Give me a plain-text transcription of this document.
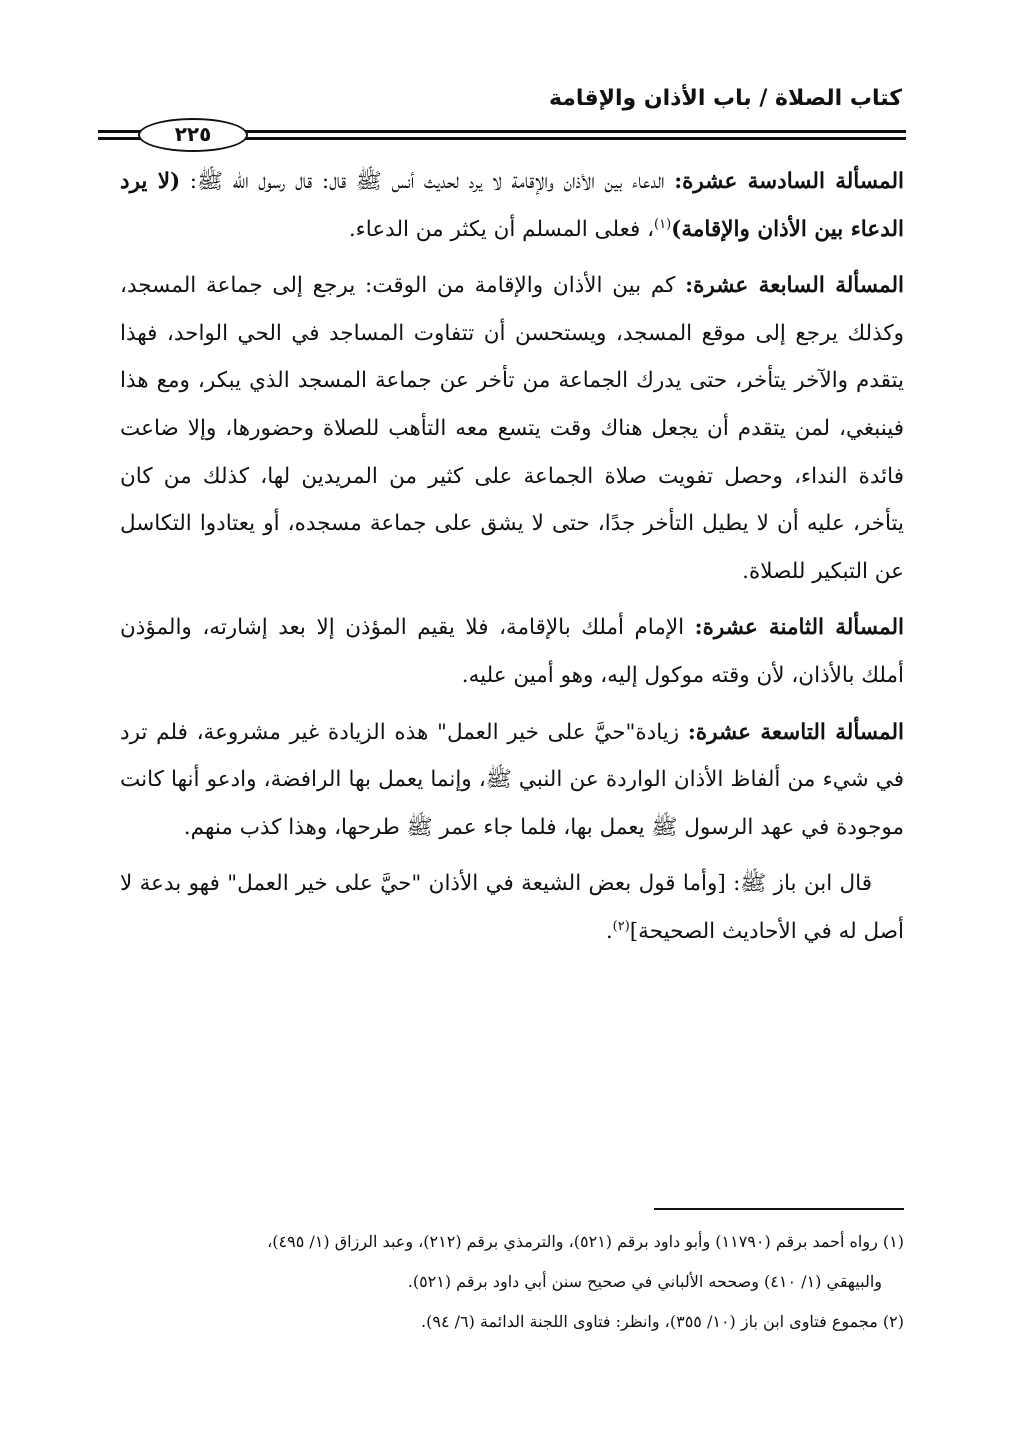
كتاب الصلاة / باب الأذان والإقامة
٢٢٥

المسألة السادسة عشرة: الدعاء بين الأذان والإقامة لا يرد لحديث أنس ﷺ قال: قال رسول الله ﷺ: (لا يرد الدعاء بين الأذان والإقامة)$^{(١)}$، فعلى المسلم أن يكثر من الدعاء.

المسألة السابعة عشرة: كم بين الأذان والإقامة من الوقت: يرجع إلى جماعة المسجد، وكذلك يرجع إلى موقع المسجد، ويستحسن أن تتفاوت المساجد في الحي الواحد، فهذا يتقدم والآخر يتأخر، حتى يدرك الجماعة من تأخر عن جماعة المسجد الذي يبكر، ومع هذا فينبغي، لمن يتقدم أن يجعل هناك وقت يتسع معه التأهب للصلاة وحضورها، وإلا ضاعت فائدة النداء، وحصل تفويت صلاة الجماعة على كثير من المريدين لها، كذلك من كان يتأخر، عليه أن لا يطيل التأخر جدًا، حتى لا يشق على جماعة مسجده، أو يعتادوا التكاسل عن التبكير للصلاة.

المسألة الثامنة عشرة: الإمام أملك بالإقامة، فلا يقيم المؤذن إلا بعد إشارته، والمؤذن أملك بالأذان، لأن وقته موكول إليه، وهو أمين عليه.

المسألة التاسعة عشرة: زيادة"حيَّ على خير العمل" هذه الزيادة غير مشروعة، فلم ترد في شيء من ألفاظ الأذان الواردة عن النبي ﷺ، وإنما يعمل بها الرافضة، وادعو أنها كانت موجودة في عهد الرسول ﷺ يعمل بها، فلما جاء عمر ﷺ طرحها، وهذا كذب منهم.

قال ابن باز ﷺ: [وأما قول بعض الشيعة في الأذان "حيَّ على خير العمل" فهو بدعة لا أصل له في الأحاديث الصحيحة]$^{(٢)}$.

(١) رواه أحمد برقم (١١٧٩٠) وأبو داود برقم (٥٢١)، والترمذي برقم (٢١٢)، وعبد الرزاق (١/ ٤٩٥)،

والبيهقي (١/ ٤١٠) وصححه الألباني في صحيح سنن أبي داود برقم (٥٢١).

(٢) مجموع فتاوى ابن باز (١٠/ ٣٥٥)، وانظر: فتاوى اللجنة الدائمة (٦/ ٩٤).
